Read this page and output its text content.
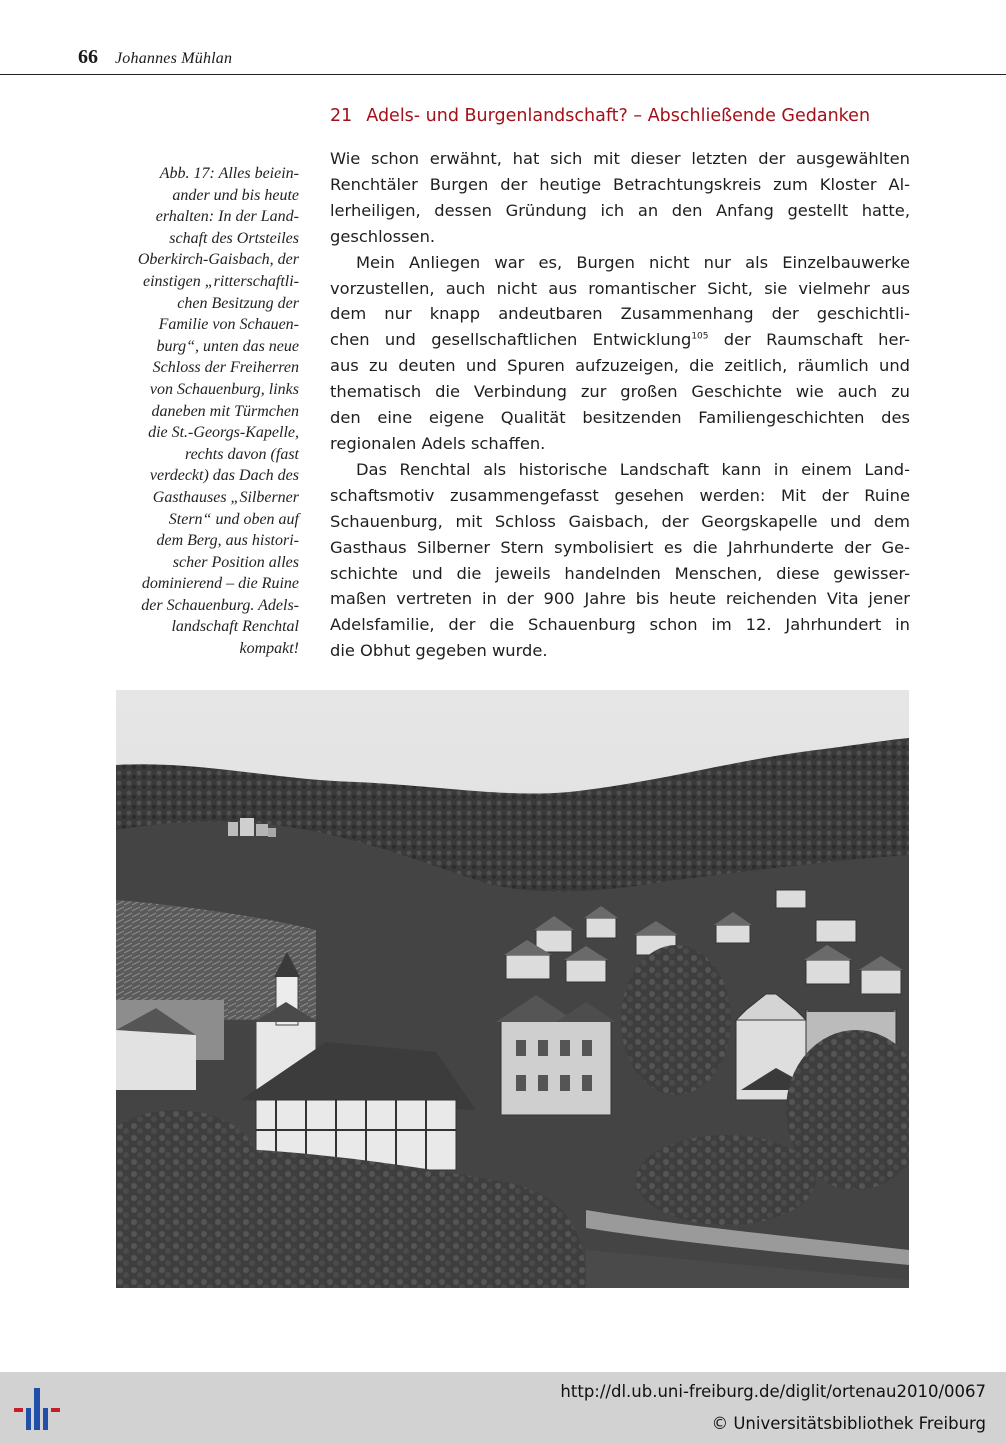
66 Johannes Mühlan
21 Adels- und Burgenlandschaft? – Abschließende Gedanken
Abb. 17: Alles beiein-
ander und bis heute
erhalten: In der Land-
schaft des Ortsteiles
Oberkirch-Gaisbach, der
einstigen „ritterschaftli-
chen Besitzung der
Familie von Schauen-
burg“, unten das neue
Schloss der Freiherren
von Schauenburg, links
daneben mit Türmchen
die St.-Georgs-Kapelle,
rechts davon (fast
verdeckt) das Dach des
Gasthauses „Silberner
Stern“ und oben auf
dem Berg, aus histori-
scher Position alles
dominierend – die Ruine
der Schauenburg. Adels-
landschaft Renchtal
kompakt!
Wie schon erwähnt, hat sich mit dieser letzten der ausgewählten
Renchtäler Burgen der heutige Betrachtungskreis zum Kloster Al-
lerheiligen, dessen Gründung ich an den Anfang gestellt hatte,
geschlossen.
Mein Anliegen war es, Burgen nicht nur als Einzelbauwerke
vorzustellen, auch nicht aus romantischer Sicht, sie vielmehr aus
dem nur knapp andeutbaren Zusammenhang der geschichtli-
chen und gesellschaftlichen Entwicklung$^{105}$ der Raumschaft her-
aus zu deuten und Spuren aufzuzeigen, die zeitlich, räumlich und
thematisch die Verbindung zur großen Geschichte wie auch zu
den eine eigene Qualität besitzenden Familiengeschichten des
regionalen Adels schaffen.
Das Renchtal als historische Landschaft kann in einem Land-
schaftsmotiv zusammengefasst gesehen werden: Mit der Ruine
Schauenburg, mit Schloss Gaisbach, der Georgskapelle und dem
Gasthaus Silberner Stern symbolisiert es die Jahrhunderte der Ge-
schichte und die jeweils handelnden Menschen, diese gewisser-
maßen vertreten in der 900 Jahre bis heute reichenden Vita jener
Adelsfamilie, der die Schauenburg schon im 12. Jahrhundert in
die Obhut gegeben wurde.
http://dl.ub.uni-freiburg.de/diglit/ortenau2010/0067
© Universitätsbibliothek Freiburg
